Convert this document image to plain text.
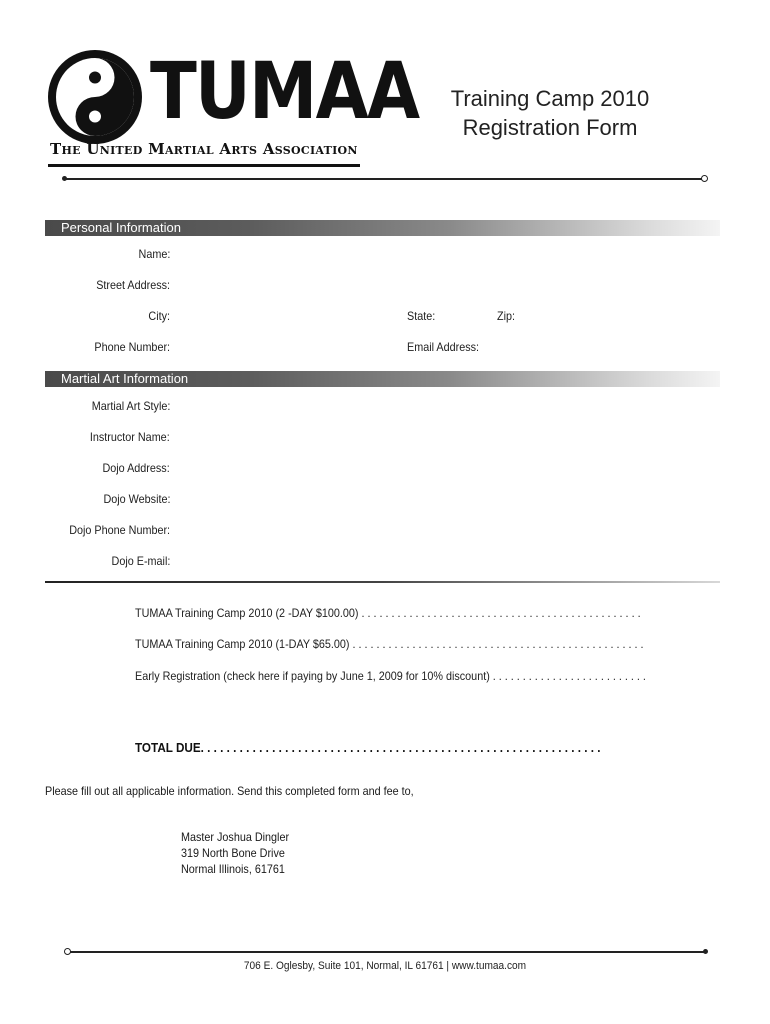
TUMAA
The United Martial Arts Association
Training Camp 2010
Registration Form
Personal Information
Name:
Street Address:
City:	State:	Zip:
Phone Number:	Email Address:
Martial Art Information
Martial Art Style:
Instructor Name:
Dojo Address:
Dojo Website:
Dojo Phone Number:
Dojo E-mail:
TUMAA Training Camp 2010 (2 -DAY $100.00) . . . . . . . . . . . . . . . . . . . . . . . . . . . . . . . . . . . . . . . . . . . . . . .
TUMAA Training Camp 2010 (1-DAY $65.00) . . . . . . . . . . . . . . . . . . . . . . . . . . . . . . . . . . . . . . . . . . . . . . . . .
Early Registration (check here if paying by June 1, 2009 for 10% discount) . . . . . . . . . . . . . . . . . . . . . . . . . .
TOTAL DUE. . . . . . . . . . . . . . . . . . . . . . . . . . . . . . . . . . . . . . . . . . . . . . . . . . . . . . . . . . . . . .
Please fill out all applicable information. Send this completed form and fee to,
Master Joshua Dingler
319 North Bone Drive
Normal Illinois, 61761
706 E. Oglesby, Suite 101, Normal, IL 61761 | www.tumaa.com
